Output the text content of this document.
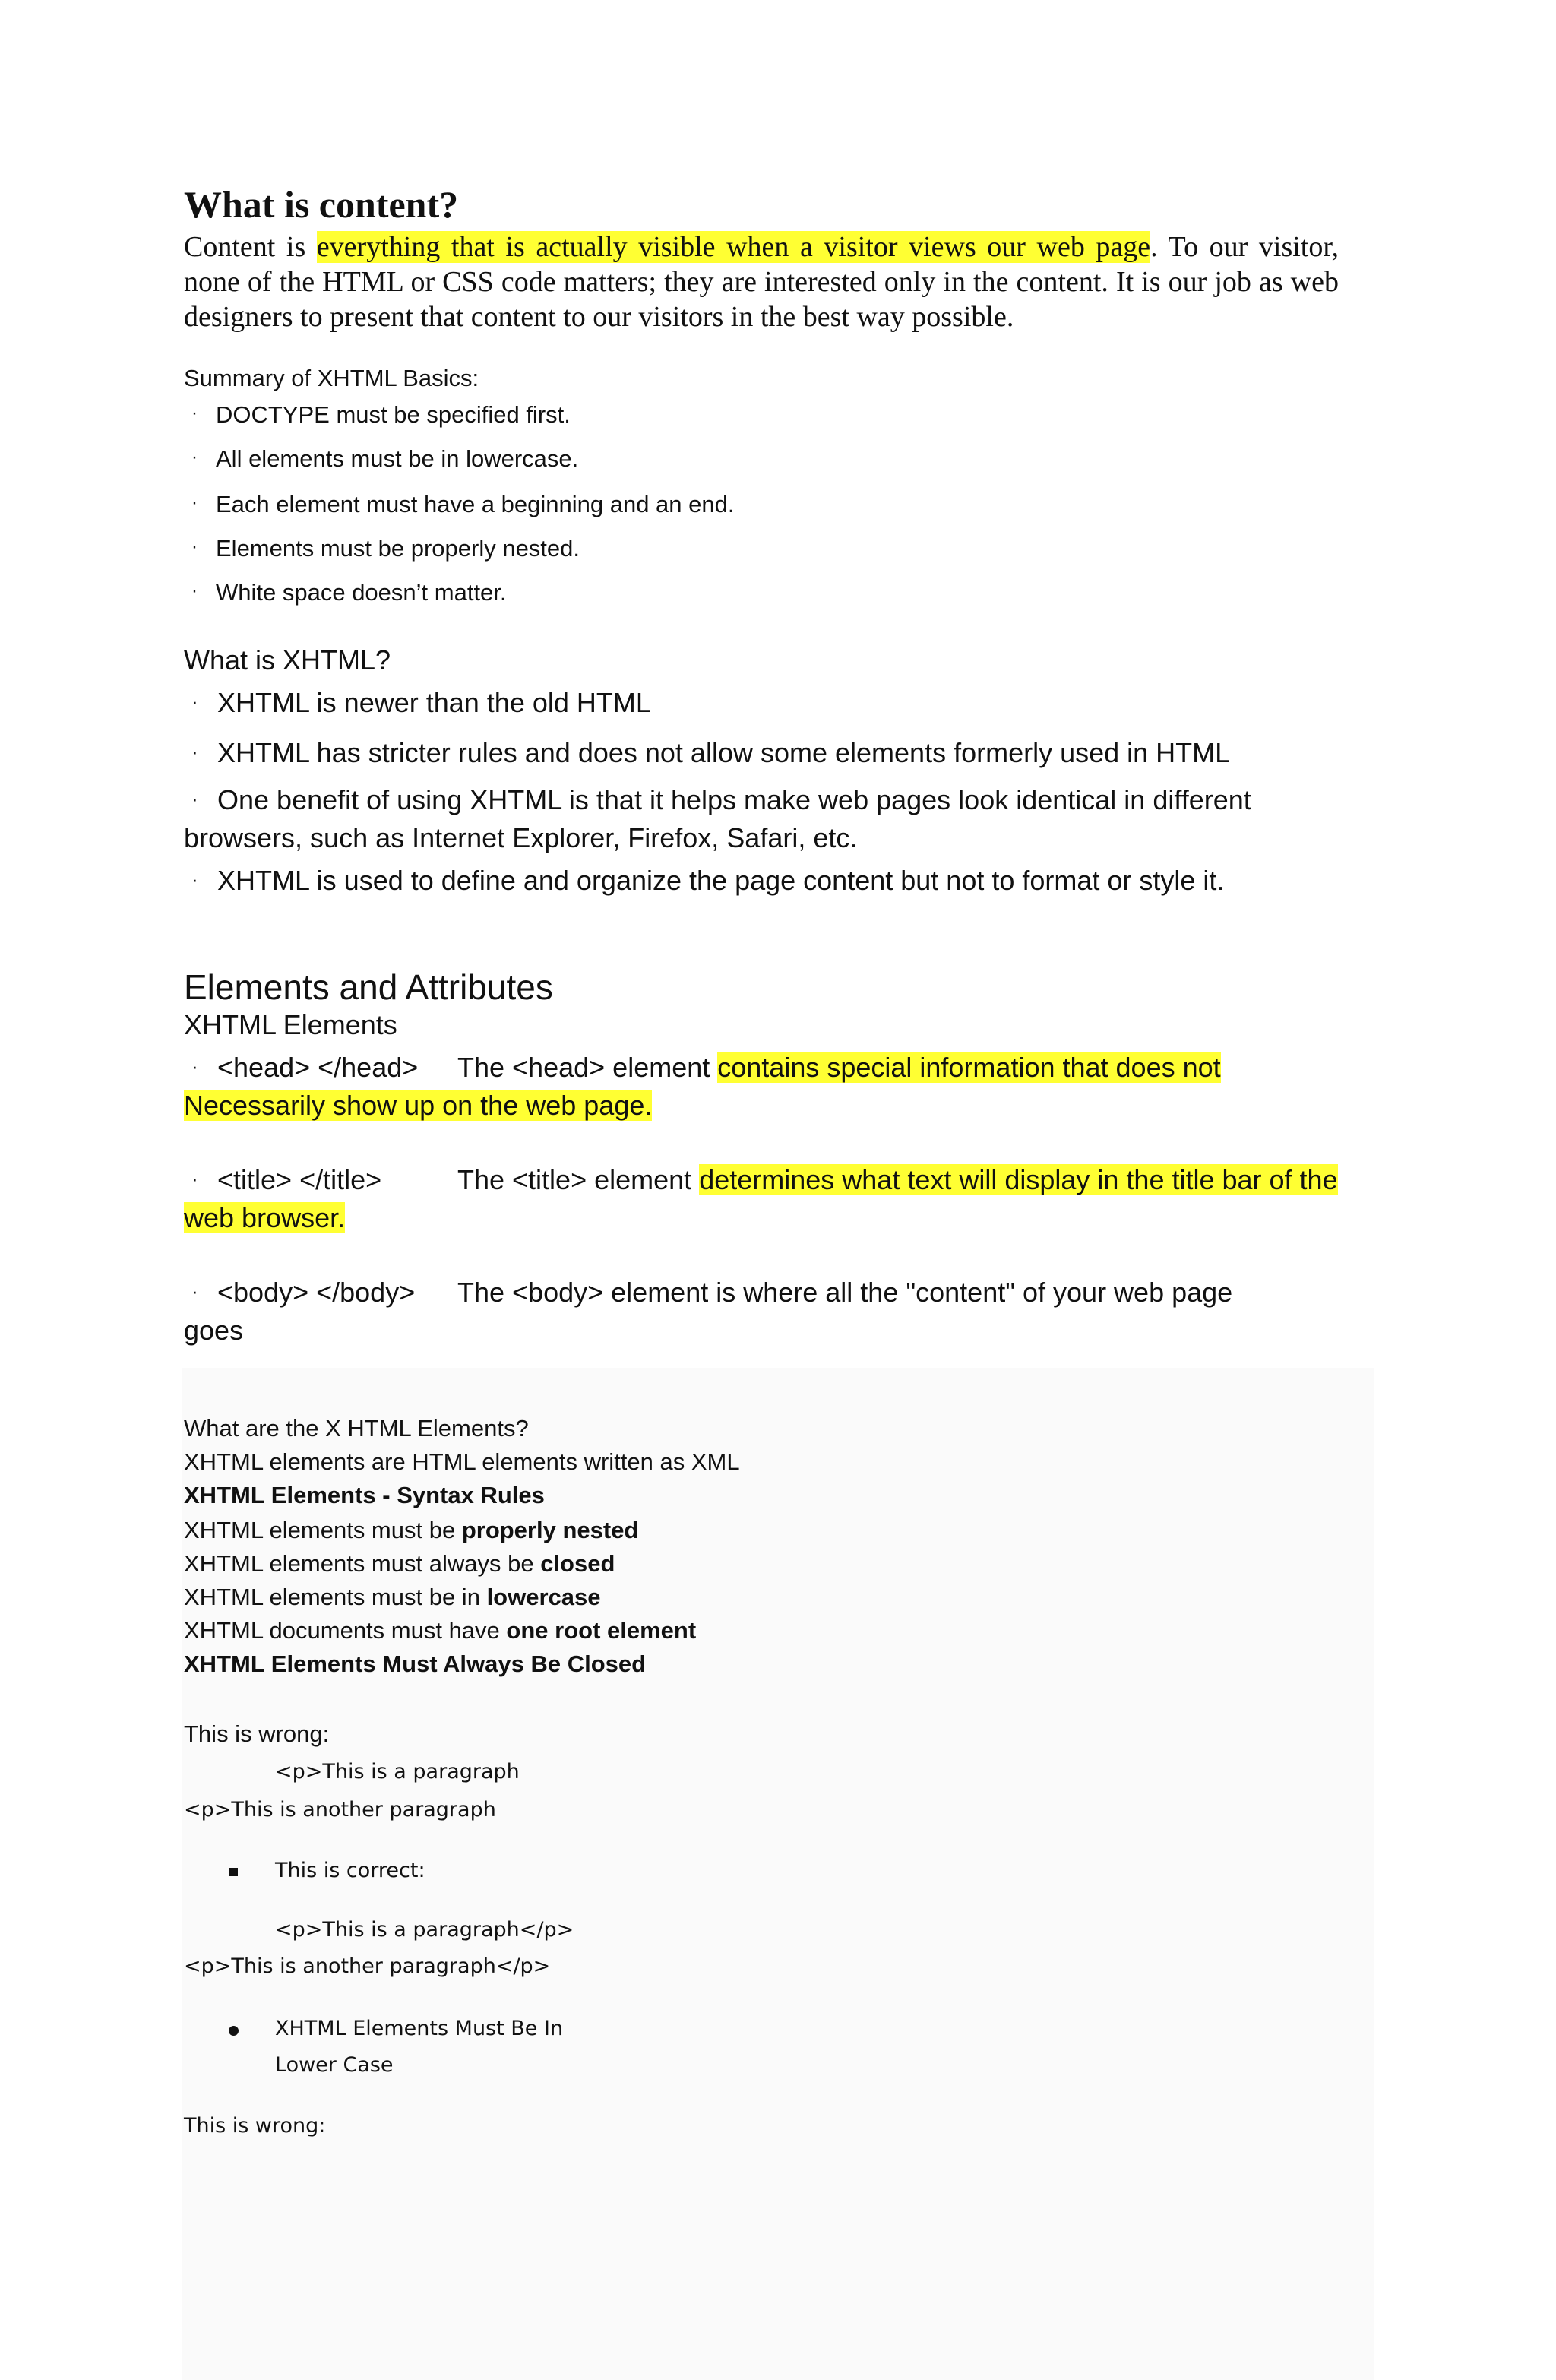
What is content?
Content is everything that is actually visible when a visitor views our web page. To our visitor, none of the HTML or CSS code matters; they are interested only in the content. It is our job as web designers to present that content to our visitors in the best way possible.
Summary of XHTML Basics:
· DOCTYPE must be specified first.
· All elements must be in lowercase.
· Each element must have a beginning and an end.
· Elements must be properly nested.
· White space doesn’t matter.
What is XHTML?
· XHTML is newer than the old HTML
· XHTML has stricter rules and does not allow some elements formerly used in HTML
· One benefit of using XHTML is that it helps make web pages look identical in different
browsers, such as Internet Explorer, Firefox, Safari, etc.
· XHTML is used to define and organize the page content but not to format or style it.
Elements and Attributes
XHTML Elements
· <head> </head> The <head> element contains special information that does not
Necessarily show up on the web page.
· <title> </title>	The <title> element determines what text will display in the title bar of the
web browser.
· <body> </body> The <body> element is where all the "content" of your web page
goes
What are the X HTML Elements?
XHTML elements are HTML elements written as XML
XHTML Elements - Syntax Rules
XHTML elements must be properly nested
XHTML elements must always be closed
XHTML elements must be in lowercase
XHTML documents must have one root element
XHTML Elements Must Always Be Closed
This is wrong:
<p>This is a paragraph
<p>This is another paragraph
This is correct:
<p>This is a paragraph</p>
<p>This is another paragraph</p>
XHTML Elements Must Be In
Lower Case
This is wrong:
